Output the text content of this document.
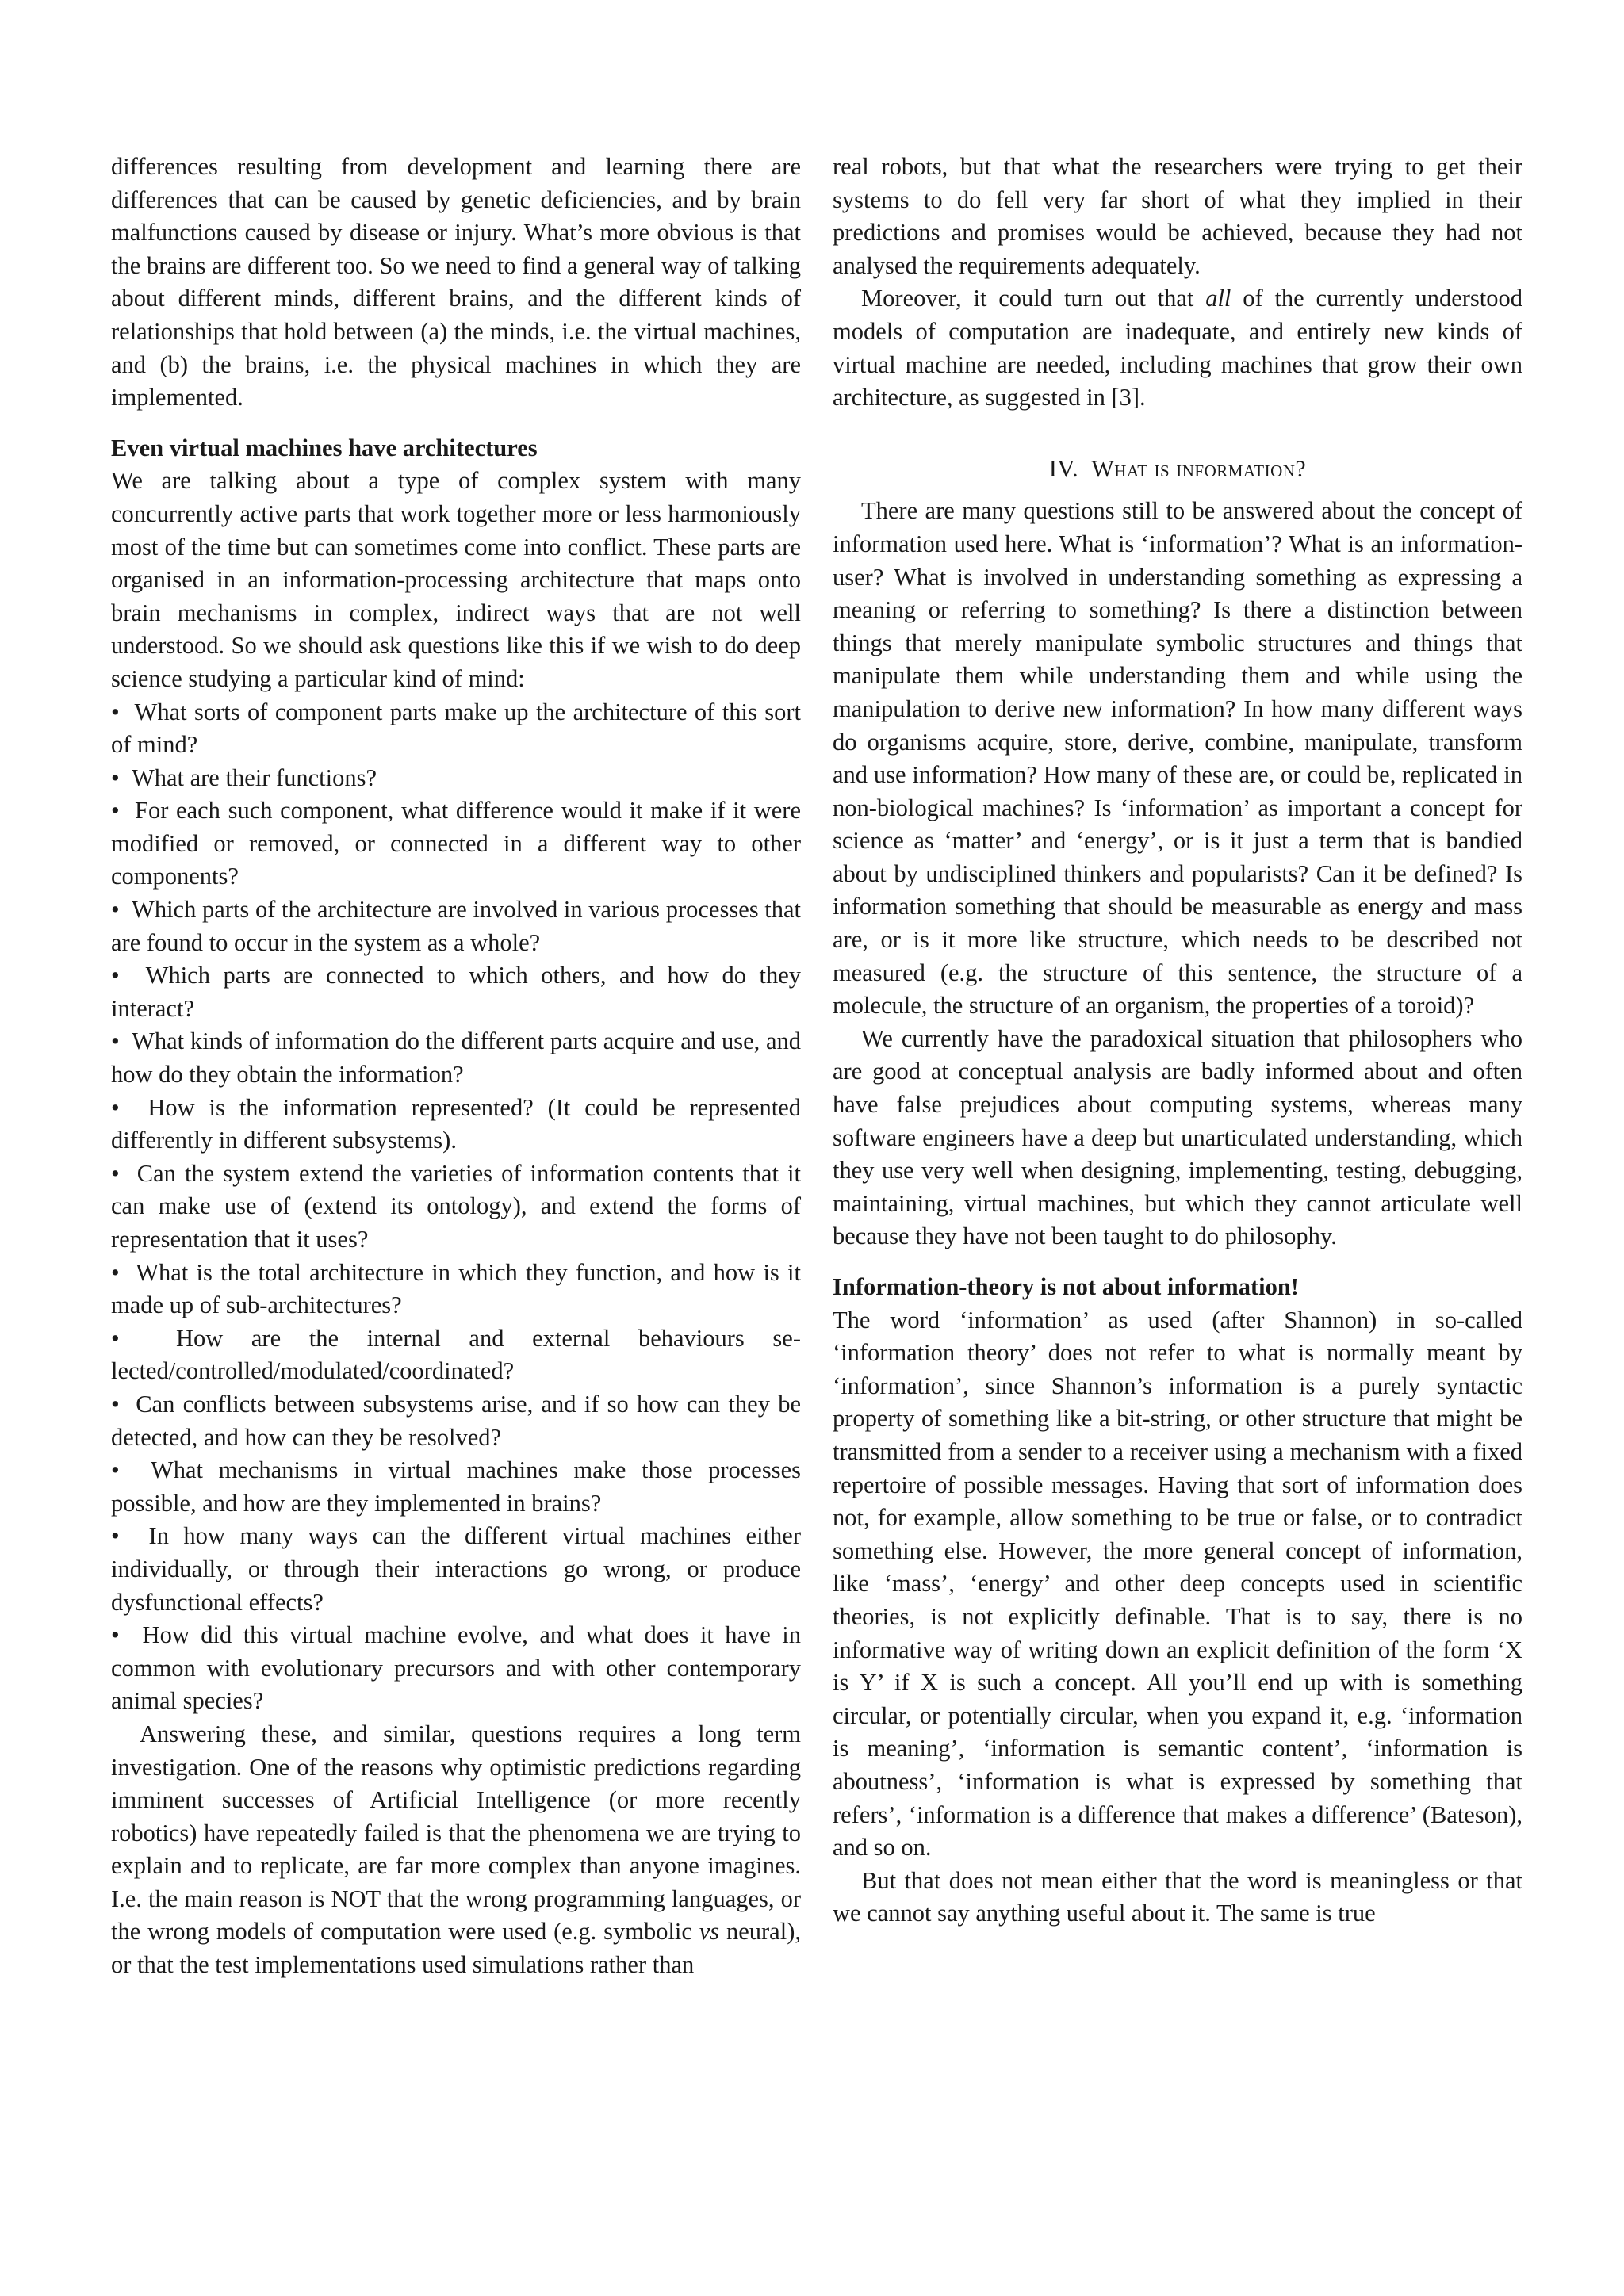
differences resulting from development and learning there are differences that can be caused by genetic deficiencies, and by brain malfunctions caused by disease or injury. What’s more obvious is that the brains are different too. So we need to find a general way of talking about different minds, different brains, and the different kinds of relationships that hold between (a) the minds, i.e. the virtual machines, and (b) the brains, i.e. the physical machines in which they are implemented.

Even virtual machines have architectures

We are talking about a type of complex system with many concurrently active parts that work together more or less harmoniously most of the time but can sometimes come into conflict. These parts are organised in an information-processing architecture that maps onto brain mechanisms in complex, indirect ways that are not well understood. So we should ask questions like this if we wish to do deep science studying a particular kind of mind:

•  What sorts of component parts make up the architecture of this sort of mind?

•  What are their functions?

•  For each such component, what difference would it make if it were modified or removed, or connected in a different way to other components?

•  Which parts of the architecture are involved in various processes that are found to occur in the system as a whole?

•  Which parts are connected to which others, and how do they interact?

•  What kinds of information do the different parts acquire and use, and how do they obtain the information?

•  How is the information represented? (It could be represented differently in different subsystems).

•  Can the system extend the varieties of information contents that it can make use of (extend its ontology), and extend the forms of representation that it uses?

•  What is the total architecture in which they function, and how is it made up of sub-architectures?

•  How are the internal and external behaviours selected/controlled/modulated/coordinated?

•  Can conflicts between subsystems arise, and if so how can they be detected, and how can they be resolved?

•  What mechanisms in virtual machines make those processes possible, and how are they implemented in brains?

•  In how many ways can the different virtual machines either individually, or through their interactions go wrong, or produce dysfunctional effects?

•  How did this virtual machine evolve, and what does it have in common with evolutionary precursors and with other contemporary animal species?

Answering these, and similar, questions requires a long term investigation. One of the reasons why optimistic predictions regarding imminent successes of Artificial Intelligence (or more recently robotics) have repeatedly failed is that the phenomena we are trying to explain and to replicate, are far more complex than anyone imagines. I.e. the main reason is NOT that the wrong programming languages, or the wrong models of computation were used (e.g. symbolic vs neural), or that the test implementations used simulations rather than

real robots, but that what the researchers were trying to get their systems to do fell very far short of what they implied in their predictions and promises would be achieved, because they had not analysed the requirements adequately.

Moreover, it could turn out that all of the currently understood models of computation are inadequate, and entirely new kinds of virtual machine are needed, including machines that grow their own architecture, as suggested in [3].

IV. What is information?

There are many questions still to be answered about the concept of information used here. What is ‘information’? What is an information-user? What is involved in understanding something as expressing a meaning or referring to something? Is there a distinction between things that merely manipulate symbolic structures and things that manipulate them while understanding them and while using the manipulation to derive new information? In how many different ways do organisms acquire, store, derive, combine, manipulate, transform and use information? How many of these are, or could be, replicated in non-biological machines? Is ‘information’ as important a concept for science as ‘matter’ and ‘energy’, or is it just a term that is bandied about by undisciplined thinkers and popularists? Can it be defined? Is information something that should be measurable as energy and mass are, or is it more like structure, which needs to be described not measured (e.g. the structure of this sentence, the structure of a molecule, the structure of an organism, the properties of a toroid)?

We currently have the paradoxical situation that philosophers who are good at conceptual analysis are badly informed about and often have false prejudices about computing systems, whereas many software engineers have a deep but unarticulated understanding, which they use very well when designing, implementing, testing, debugging, maintaining, virtual machines, but which they cannot articulate well because they have not been taught to do philosophy.

Information-theory is not about information!

The word ‘information’ as used (after Shannon) in so-called ‘information theory’ does not refer to what is normally meant by ‘information’, since Shannon’s information is a purely syntactic property of something like a bit-string, or other structure that might be transmitted from a sender to a receiver using a mechanism with a fixed repertoire of possible messages. Having that sort of information does not, for example, allow something to be true or false, or to contradict something else. However, the more general concept of information, like ‘mass’, ‘energy’ and other deep concepts used in scientific theories, is not explicitly definable. That is to say, there is no informative way of writing down an explicit definition of the form ‘X is Y’ if X is such a concept. All you’ll end up with is something circular, or potentially circular, when you expand it, e.g. ‘information is meaning’, ‘information is semantic content’, ‘information is aboutness’, ‘information is what is expressed by something that refers’, ‘information is a difference that makes a difference’ (Bateson), and so on.

But that does not mean either that the word is meaningless or that we cannot say anything useful about it. The same is true
